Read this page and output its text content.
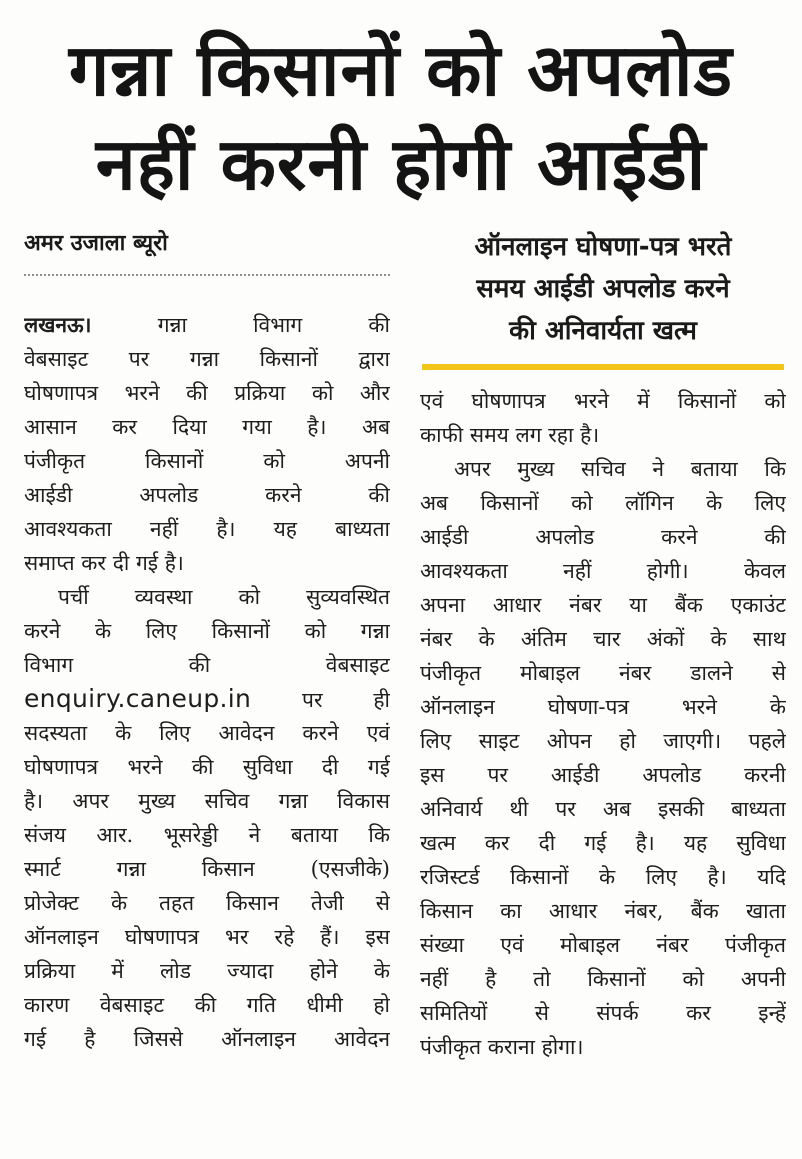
गन्ना किसानों को अपलोड
नहीं करनी होगी आईडी
अमर उजाला ब्यूरो	ऑनलाइन घोषणा-पत्र भरते
समय आईडी अपलोड करने
की अनिवार्यता खत्म
लखनऊ।	गन्ना विभाग की
वेबसाइट पर गन्ना किसानों द्वारा
घोषणापत्र भरने की प्रक्रिया को और
आसान कर दिया गया है। अब
पंजीकृत किसानों को अपनी
आईडी अपलोड करने की
आवश्यकता नहीं है। यह बाध्यता
समाप्त कर दी गई है।
पर्ची व्यवस्था को सुव्यवस्थित
करने के लिए किसानों को गन्ना
विभाग की वेबसाइट
enquiry.caneup.in पर ही
सदस्यता के लिए आवेदन करने एवं
घोषणापत्र भरने की सुविधा दी गई
है। अपर मुख्य सचिव गन्ना विकास
संजय आर. भूसरेड्डी ने बताया कि
स्मार्ट गन्ना किसान (एसजीके)
प्रोजेक्ट के तहत किसान तेजी से
ऑनलाइन घोषणापत्र भर रहे हैं। इस
प्रक्रिया में लोड ज्यादा होने के
कारण वेबसाइट की गति धीमी हो
गई है जिससे ऑनलाइन आवेदन
एवं घोषणापत्र भरने में किसानों को
काफी समय लग रहा है।
अपर मुख्य सचिव ने बताया कि
अब किसानों को लॉगिन के लिए
आईडी अपलोड करने की
आवश्यकता नहीं होगी। केवल
अपना आधार नंबर या बैंक एकाउंट
नंबर के अंतिम चार अंकों के साथ
पंजीकृत मोबाइल नंबर डालने से
ऑनलाइन घोषणा-पत्र भरने के
लिए साइट ओपन हो जाएगी। पहले
इस पर आईडी अपलोड करनी
अनिवार्य थी पर अब इसकी बाध्यता
खत्म कर दी गई है। यह सुविधा
रजिस्टर्ड किसानों के लिए है। यदि
किसान का आधार नंबर, बैंक खाता
संख्या एवं मोबाइल नंबर पंजीकृत
नहीं है तो किसानों को अपनी
समितियों से संपर्क कर इन्हें
पंजीकृत कराना होगा।
